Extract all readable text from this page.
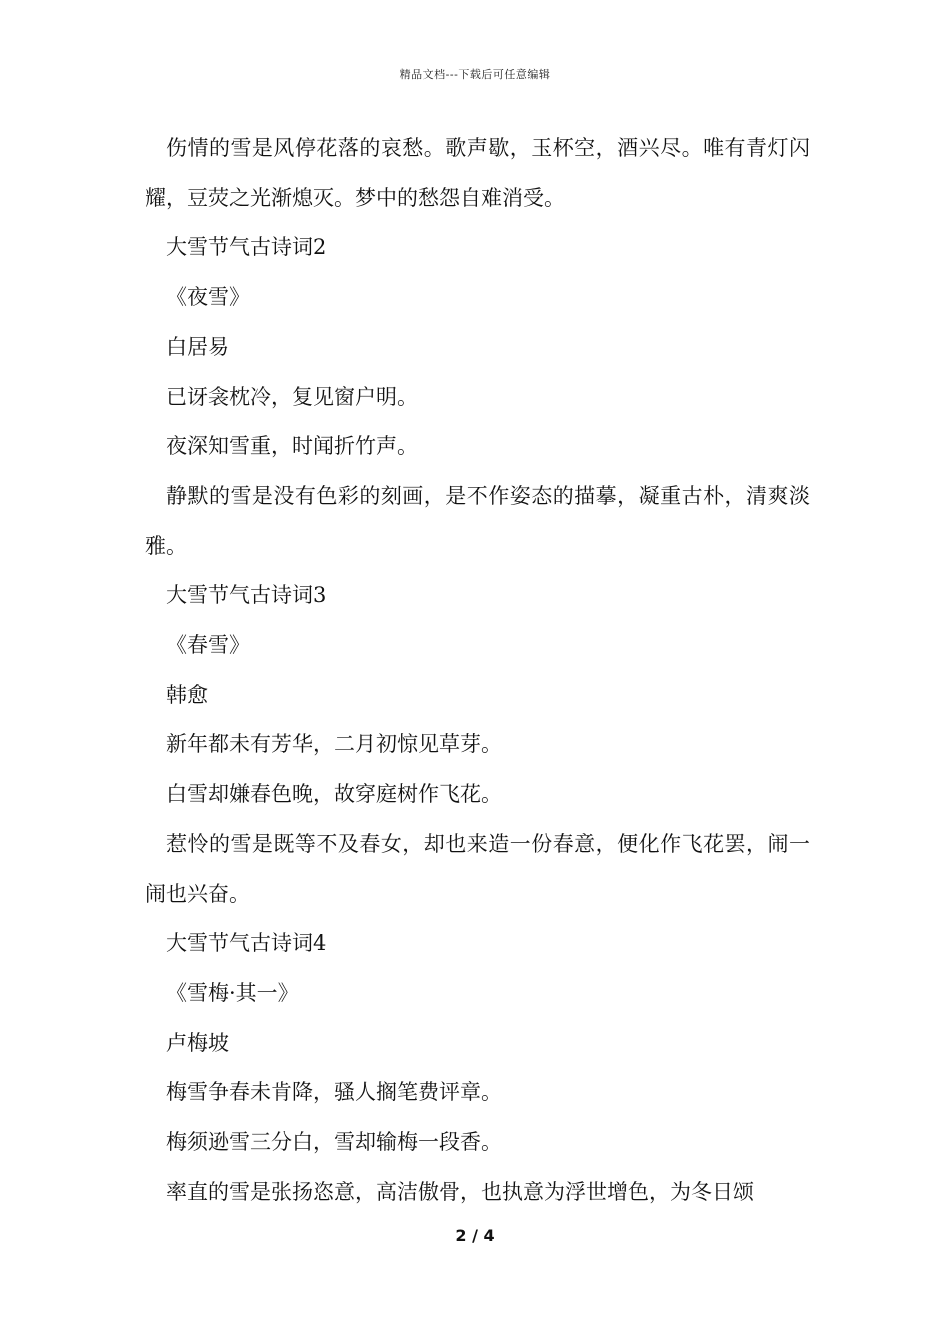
精品文档---下载后可任意编辑

伤情的雪是风停花落的哀愁。歌声歇，玉杯空，酒兴尽。唯有青灯闪耀，豆荧之光渐熄灭。梦中的愁怨自难消受。

大雪节气古诗词2

《夜雪》

白居易

已讶衾枕冷，复见窗户明。

夜深知雪重，时闻折竹声。

静默的雪是没有色彩的刻画，是不作姿态的描摹，凝重古朴，清爽淡雅。

大雪节气古诗词3

《春雪》

韩愈

新年都未有芳华，二月初惊见草芽。

白雪却嫌春色晚，故穿庭树作飞花。

惹怜的雪是既等不及春女，却也来造一份春意，便化作飞花罢，闹一闹也兴奋。

大雪节气古诗词4

《雪梅·其一》

卢梅坡

梅雪争春未肯降，骚人搁笔费评章。

梅须逊雪三分白，雪却输梅一段香。

率直的雪是张扬恣意，高洁傲骨，也执意为浮世增色，为冬日颂

2 / 4
